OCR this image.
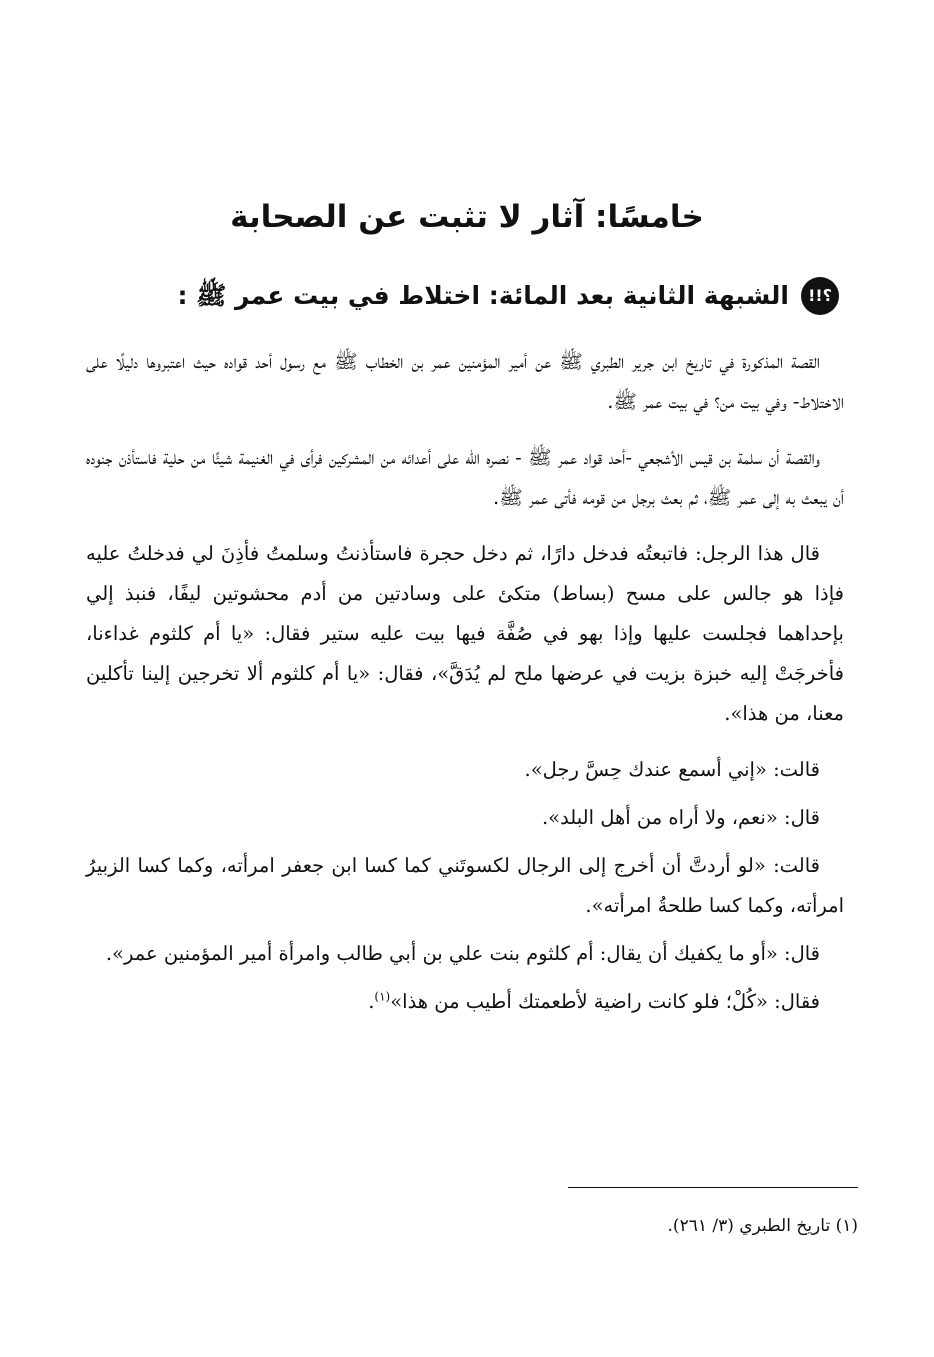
خامسًا: آثار لا تثبت عن الصحابة
؟!!
الشبهة الثانية بعد المائة: اختلاط في بيت عمر ﷺ :

القصة المذكورة في تاريخ ابن جرير الطبري ﷺ عن أمير المؤمنين عمر بن الخطاب ﷺ مع رسول أحد قواده حيث اعتبروها دليلًا على الاختلاط- وفي بيت من؟ في بيت عمر ﷺ.

والقصة أن سلمة بن قيس الأشجعي -أحد قواد عمر ﷺ - نصره الله على أعدائه من المشركين فرأى في الغنيمة شيئًا من حلية فاستأذن جنوده أن يبعث به إلى عمر ﷺ، ثم بعث برجل من قومه فأتى عمر ﷺ.

قال هذا الرجل: فاتبعتُه فدخل دارًا، ثم دخل حجرة فاستأذنتُ وسلمتُ فأذِنَ لي فدخلتُ عليه فإذا هو جالس على مسح (بساط) متكئ على وسادتين من أدم محشوتين ليفًا، فنبذ إلي بإحداهما فجلست عليها وإذا بهو في صُفَّة فيها بيت عليه ستير فقال: «يا أم كلثوم غداءنا، فأخرجَتْ إليه خبزة بزيت في عرضها ملح لم يُدَقَّ»، فقال: «يا أم كلثوم ألا تخرجين إلينا تأكلين معنا، من هذا».

قالت: «إني أسمع عندك حِسَّ رجل».

قال: «نعم، ولا أراه من أهل البلد».

قالت: «لو أردتَّ أن أخرج إلى الرجال لكسوتَني كما كسا ابن جعفر امرأته، وكما كسا الزبيرُ امرأته، وكما كسا طلحةُ امرأته».

قال: «أو ما يكفيك أن يقال: أم كلثوم بنت علي بن أبي طالب وامرأة أمير المؤمنين عمر».

فقال: «كُلْ؛ فلو كانت راضية لأطعمتك أطيب من هذا»$^{(١)}$.

(١) تاريخ الطبري (٣/ ٢٦١).
